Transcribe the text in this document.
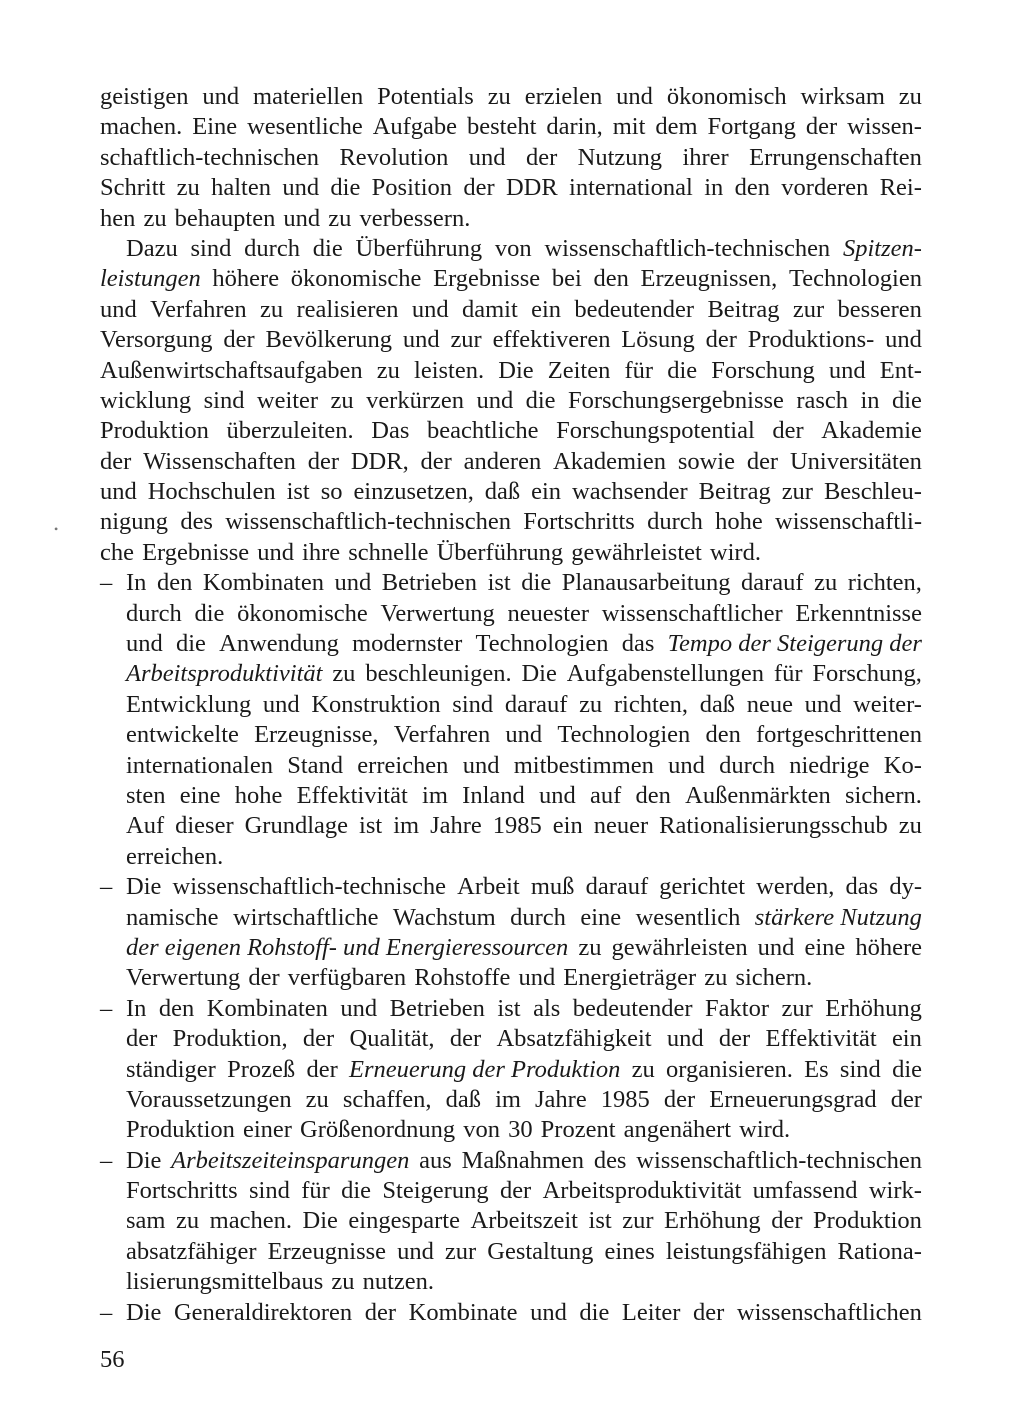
geistigen und materiellen Potentials zu erzielen und ökonomisch wirksam zu
machen. Eine wesentliche Aufgabe besteht darin, mit dem Fortgang der wissen-
schaftlich-technischen Revolution und der Nutzung ihrer Errungenschaften
Schritt zu halten und die Position der DDR international in den vorderen Rei-
hen zu behaupten und zu verbessern.
Dazu sind durch die Überführung von wissenschaftlich-technischen Spitzen-
leistungen höhere ökonomische Ergebnisse bei den Erzeugnissen, Technologien
und Verfahren zu realisieren und damit ein bedeutender Beitrag zur besseren
Versorgung der Bevölkerung und zur effektiveren Lösung der Produktions- und
Außenwirtschaftsaufgaben zu leisten. Die Zeiten für die Forschung und Ent-
wicklung sind weiter zu verkürzen und die Forschungsergebnisse rasch in die
Produktion überzuleiten. Das beachtliche Forschungspotential der Akademie
der Wissenschaften der DDR, der anderen Akademien sowie der Universitäten
und Hochschulen ist so einzusetzen, daß ein wachsender Beitrag zur Beschleu-
nigung des wissenschaftlich-technischen Fortschritts durch hohe wissenschaftli-
che Ergebnisse und ihre schnelle Überführung gewährleistet wird.
– In den Kombinaten und Betrieben ist die Planausarbeitung darauf zu richten,
durch die ökonomische Verwertung neuester wissenschaftlicher Erkenntnisse
und die Anwendung modernster Technologien das Tempo der Steigerung der
Arbeitsproduktivität zu beschleunigen. Die Aufgabenstellungen für Forschung,
Entwicklung und Konstruktion sind darauf zu richten, daß neue und weiter-
entwickelte Erzeugnisse, Verfahren und Technologien den fortgeschrittenen
internationalen Stand erreichen und mitbestimmen und durch niedrige Ko-
sten eine hohe Effektivität im Inland und auf den Außenmärkten sichern.
Auf dieser Grundlage ist im Jahre 1985 ein neuer Rationalisierungsschub zu
erreichen.
– Die wissenschaftlich-technische Arbeit muß darauf gerichtet werden, das dy-
namische wirtschaftliche Wachstum durch eine wesentlich stärkere Nutzung
der eigenen Rohstoff- und Energieressourcen zu gewährleisten und eine höhere
Verwertung der verfügbaren Rohstoffe und Energieträger zu sichern.
– In den Kombinaten und Betrieben ist als bedeutender Faktor zur Erhöhung
der Produktion, der Qualität, der Absatzfähigkeit und der Effektivität ein
ständiger Prozeß der Erneuerung der Produktion zu organisieren. Es sind die
Voraussetzungen zu schaffen, daß im Jahre 1985 der Erneuerungsgrad der
Produktion einer Größenordnung von 30 Prozent angenähert wird.
– Die Arbeitszeiteinsparungen aus Maßnahmen des wissenschaftlich-technischen
Fortschritts sind für die Steigerung der Arbeitsproduktivität umfassend wirk-
sam zu machen. Die eingesparte Arbeitszeit ist zur Erhöhung der Produktion
absatzfähiger Erzeugnisse und zur Gestaltung eines leistungsfähigen Rationa-
lisierungsmittelbaus zu nutzen.
– Die Generaldirektoren der Kombinate und die Leiter der wissenschaftlichen
•
56
